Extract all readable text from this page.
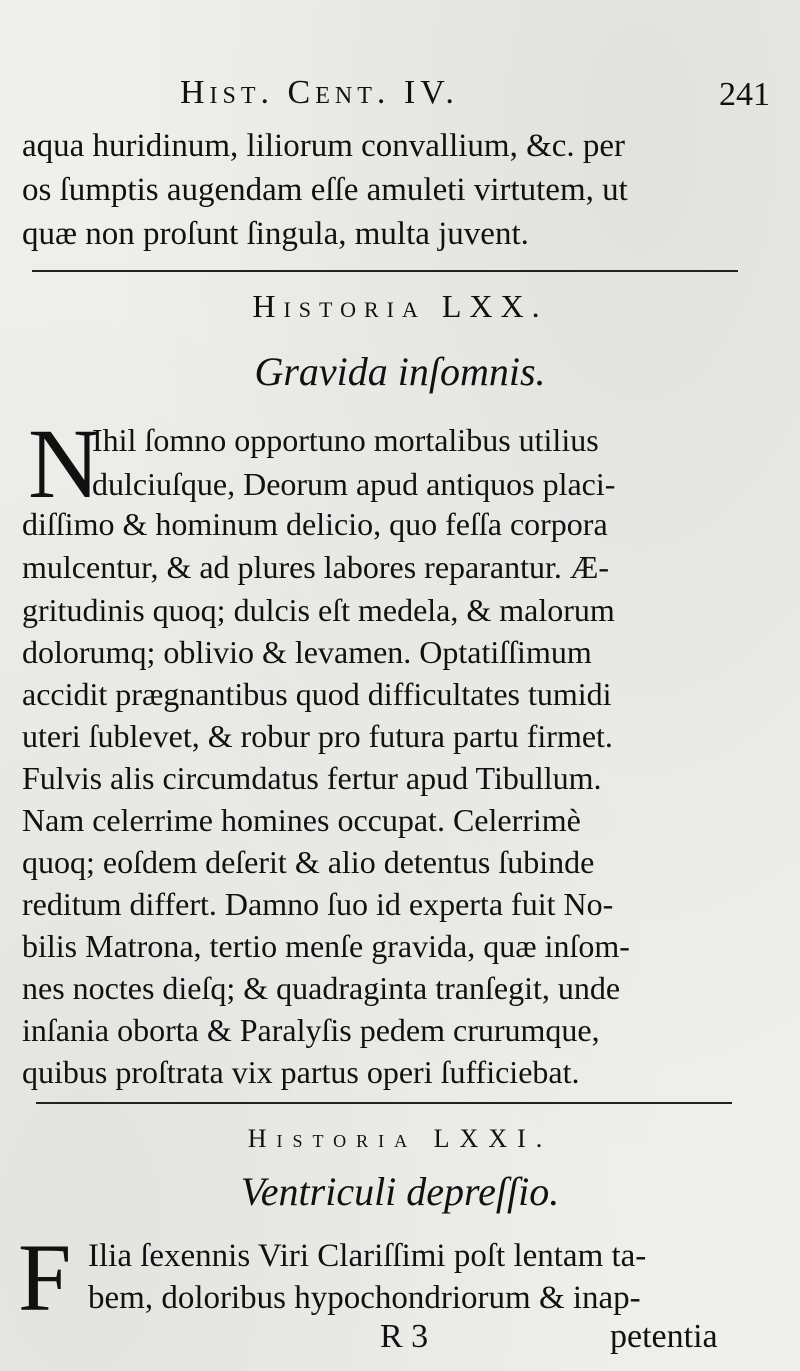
Hist. Cent. IV.	241
aqua huridinum, liliorum convallium, &c. per
os ſumptis augendam eſſe amuleti virtutem, ut
quæ non proſunt ſingula, multa juvent.
Historia LXX.
Gravida inſomnis.
N
Ihil ſomno opportuno mortalibus utilius
dulciuſque, Deorum apud antiquos placi-
diſſimo & hominum delicio, quo feſſa corpora
mulcentur, & ad plures labores reparantur. Æ-
gritudinis quoq; dulcis eſt medela, & malorum
dolorumq; oblivio & levamen. Optatiſſimum
accidit prægnantibus quod difficultates tumidi
uteri ſublevet, & robur pro futura partu firmet.
Fulvis alis circumdatus fertur apud Tibullum.
Nam celerrime homines occupat. Celerrimè
quoq; eoſdem deſerit & alio detentus ſubinde
reditum differt. Damno ſuo id experta fuit No-
bilis Matrona, tertio menſe gravida, quæ inſom-
nes noctes dieſq; & quadraginta tranſegit, unde
inſania oborta & Paralyſis pedem crurumque,
quibus proſtrata vix partus operi ſufficiebat.
Historia LXXI.
Ventriculi depreſſio.
F Ilia ſexennis Viri Clariſſimi poſt lentam ta-
bem, doloribus hypochondriorum & inap-
R 3	petentia
